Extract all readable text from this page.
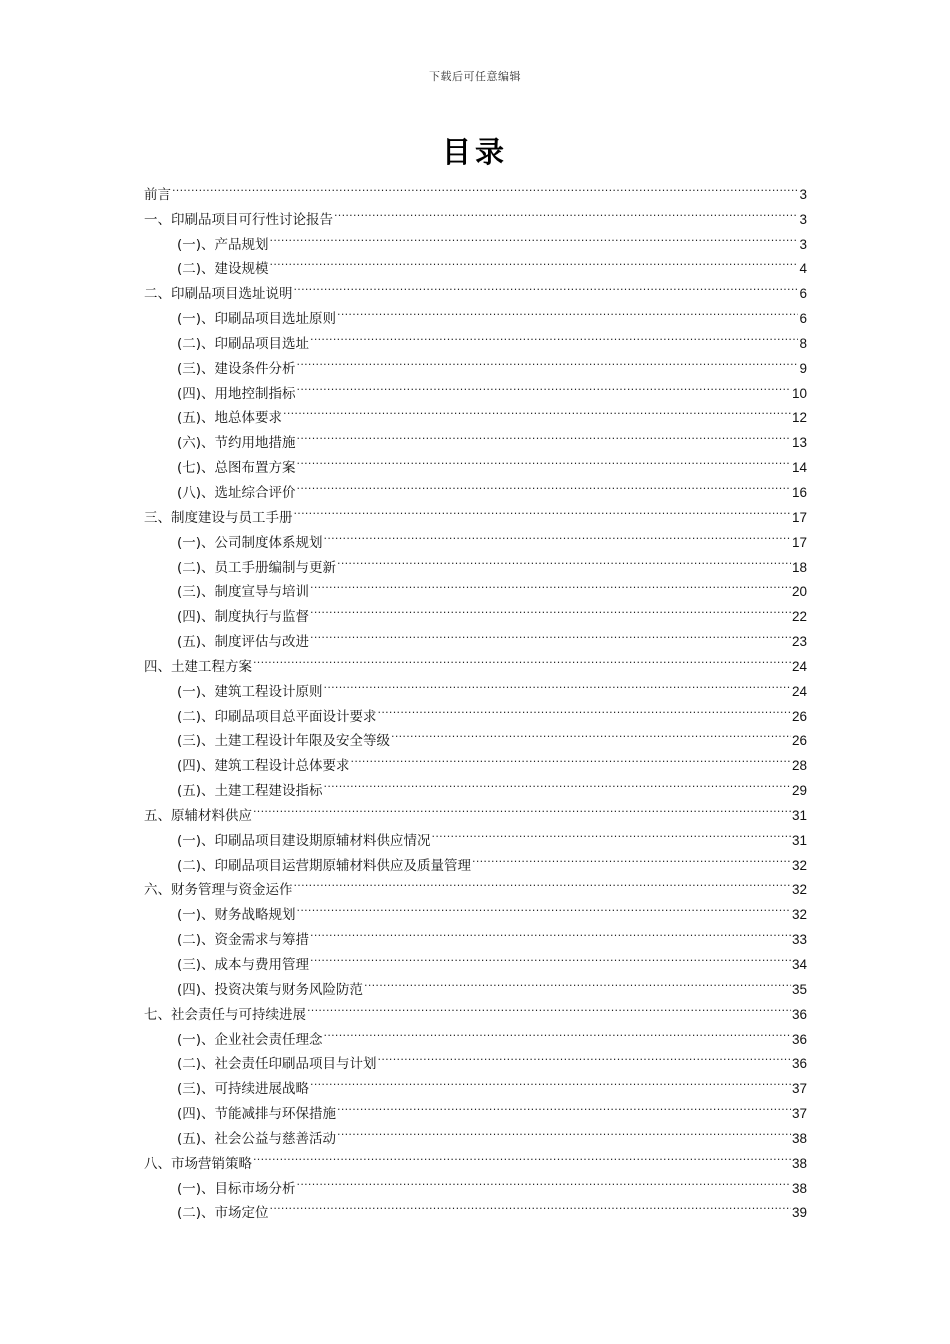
下载后可任意编辑
目录
前言 .....	3
一、印刷品项目可行性讨论报告 .....	3
(一)、产品规划 .....	3
(二)、建设规模 .....	4
二、印刷品项目选址说明 .....	6
(一)、印刷品项目选址原则 .....	6
(二)、印刷品项目选址 .....	8
(三)、建设条件分析 .....	9
(四)、用地控制指标 .....	10
(五)、地总体要求 .....	12
(六)、节约用地措施 .....	13
(七)、总图布置方案 .....	14
(八)、选址综合评价 .....	16
三、制度建设与员工手册 .....	17
(一)、公司制度体系规划 .....	17
(二)、员工手册编制与更新 .....	18
(三)、制度宣导与培训 .....	20
(四)、制度执行与监督 .....	22
(五)、制度评估与改进 .....	23
四、土建工程方案 .....	24
(一)、建筑工程设计原则 .....	24
(二)、印刷品项目总平面设计要求 .....	26
(三)、土建工程设计年限及安全等级 .....	26
(四)、建筑工程设计总体要求 .....	28
(五)、土建工程建设指标 .....	29
五、原辅材料供应 .....	31
(一)、印刷品项目建设期原辅材料供应情况 .....	31
(二)、印刷品项目运营期原辅材料供应及质量管理 .....	32
六、财务管理与资金运作 .....	32
(一)、财务战略规划 .....	32
(二)、资金需求与筹措 .....	33
(三)、成本与费用管理 .....	34
(四)、投资决策与财务风险防范 .....	35
七、社会责任与可持续进展 .....	36
(一)、企业社会责任理念 .....	36
(二)、社会责任印刷品项目与计划 .....	36
(三)、可持续进展战略 .....	37
(四)、节能减排与环保措施 .....	37
(五)、社会公益与慈善活动 .....	38
八、市场营销策略 .....	38
(一)、目标市场分析 .....	38
(二)、市场定位 .....	39
